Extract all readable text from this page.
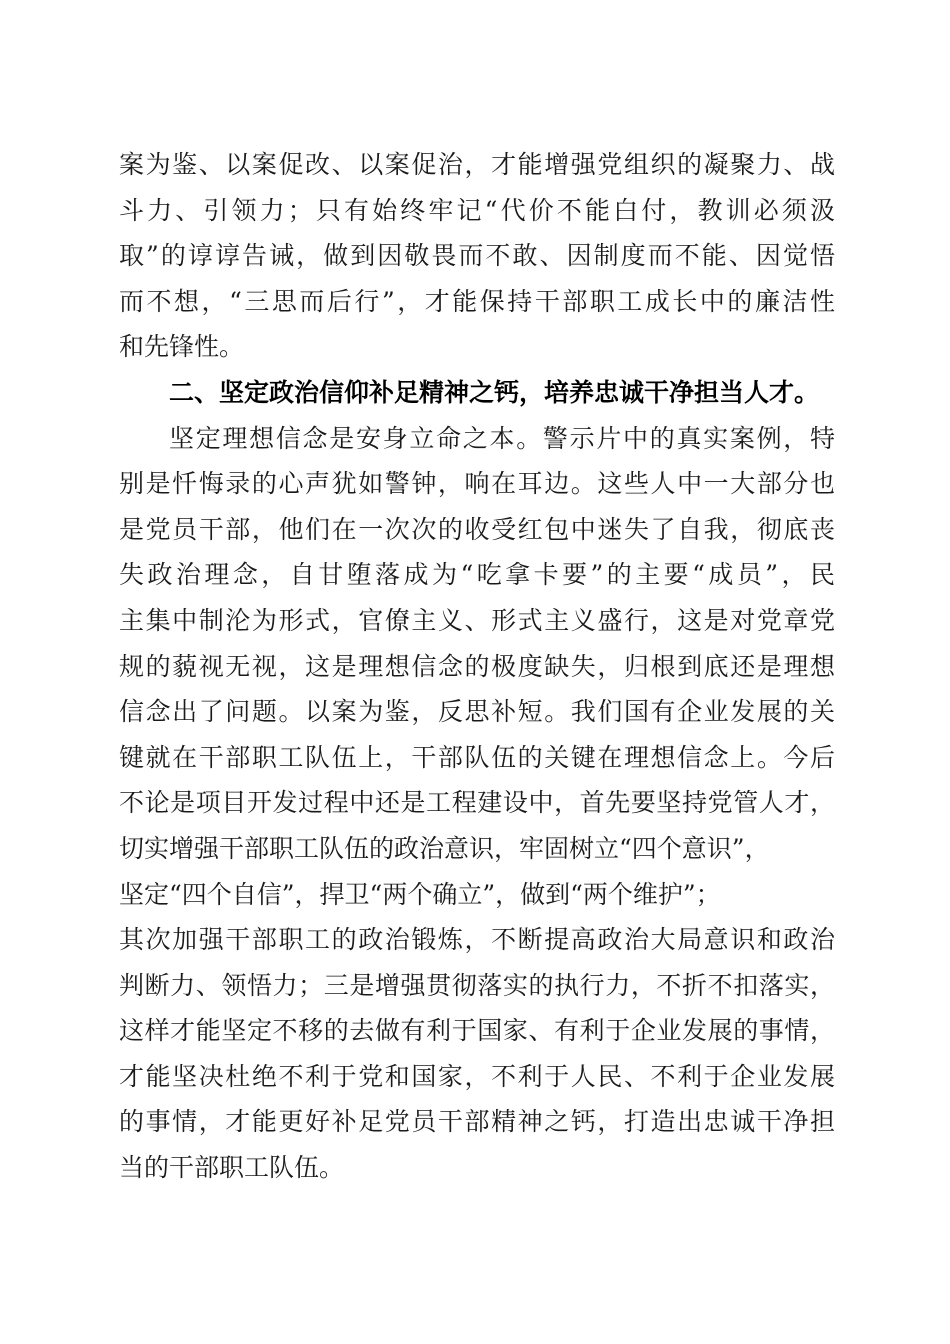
案为鉴、以案促改、以案促治，才能增强党组织的凝聚力、战
斗力、引领力；只有始终牢记“代价不能白付，教训必须汲
取”的谆谆告诫，做到因敬畏而不敢、因制度而不能、因觉悟
而不想，“三思而后行”，才能保持干部职工成长中的廉洁性
和先锋性。
二、坚定政治信仰补足精神之钙，培养忠诚干净担当人才。
坚定理想信念是安身立命之本。警示片中的真实案例，特
别是忏悔录的心声犹如警钟，响在耳边。这些人中一大部分也
是党员干部，他们在一次次的收受红包中迷失了自我，彻底丧
失政治理念，自甘堕落成为“吃拿卡要”的主要“成员”，民
主集中制沦为形式，官僚主义、形式主义盛行，这是对党章党
规的藐视无视，这是理想信念的极度缺失，归根到底还是理想
信念出了问题。以案为鉴，反思补短。我们国有企业发展的关
键就在干部职工队伍上，干部队伍的关键在理想信念上。今后
不论是项目开发过程中还是工程建设中，首先要坚持党管人才，
切实增强干部职工队伍的政治意识，牢固树立“四个意识”，
坚定“四个自信”，捍卫“两个确立”，做到“两个维护”；
其次加强干部职工的政治锻炼，不断提高政治大局意识和政治
判断力、领悟力；三是增强贯彻落实的执行力，不折不扣落实，
这样才能坚定不移的去做有利于国家、有利于企业发展的事情，
才能坚决杜绝不利于党和国家，不利于人民、不利于企业发展
的事情，才能更好补足党员干部精神之钙，打造出忠诚干净担
当的干部职工队伍。
